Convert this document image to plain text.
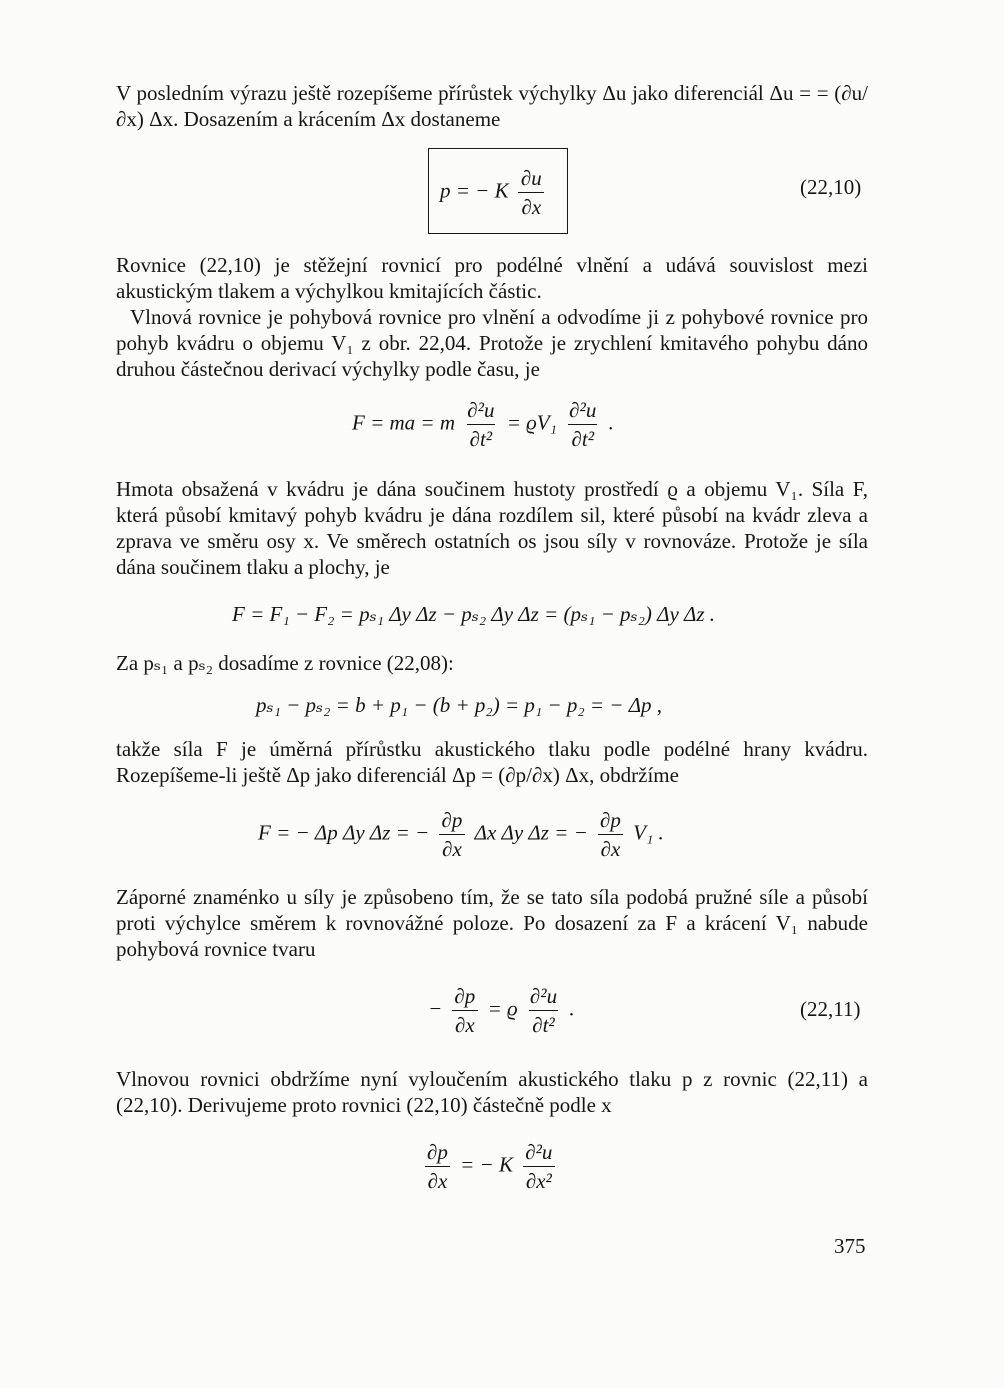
V posledním výrazu ještě rozepíšeme přírůstek výchylky Δu jako diferenciál Δu = = (∂u/∂x) Δx. Dosazením a krácením Δx dostaneme

p = − K $\frac{\partial u}{\partial x}$	(22,10)

Rovnice (22,10) je stěžejní rovnicí pro podélné vlnění a udává souvislost mezi akustickým tlakem a výchylkou kmitajících částic.

Vlnová rovnice je pohybová rovnice pro vlnění a odvodíme ji z pohybové rovnice pro pohyb kvádru o objemu V₁ z obr. 22,04. Protože je zrychlení kmitavého pohybu dáno druhou částečnou derivací výchylky podle času, je

F = ma = m $\frac{\text{∂²u}}{\text{∂t²}} = ϱV_1 \frac{\text{∂²u}}{\text{∂t²}}$ .

Hmota obsažená v kvádru je dána součinem hustoty prostředí ϱ a objemu V₁. Síla F, která působí kmitavý pohyb kvádru je dána rozdílem sil, které působí na kvádr zleva a zprava ve směru osy x. Ve směrech ostatních os jsou síly v rovnováze. Protože je síla dána součinem tlaku a plochy, je

F = F₁ − F₂ = pₛ₁ Δy Δz − pₛ₂ Δy Δz = (pₛ₁ − pₛ₂) Δy Δz .

Za pₛ₁ a pₛ₂ dosadíme z rovnice (22,08):

pₛ₁ − pₛ₂ = b + p₁ − (b + p₂) = p₁ − p₂ = − Δp ,

takže síla F je úměrná přírůstku akustického tlaku podle podélné hrany kvádru. Rozepíšeme-li ještě Δp jako diferenciál Δp = (∂p/∂x) Δx, obdržíme

F = − Δp Δy Δz = − $\frac{\partial p}{\partial x}$ Δx Δy Δz = − $\frac{\partial p}{\partial x} V_1$ .

Záporné znaménko u síly je způsobeno tím, že se tato síla podobá pružné síle a působí proti výchylce směrem k rovnovážné poloze. Po dosazení za F a krácení V₁ nabude pohybová rovnice tvaru

− $\frac{\partial p}{\partial x} = ϱ \frac{\text{∂²u}}{\text{∂t²}}$ .	(22,11)

Vlnovou rovnici obdržíme nyní vyloučením akustického tlaku p z rovnic (22,11) a (22,10). Derivujeme proto rovnici (22,10) částečně podle x

$\frac{\partial p}{\partial x}$ = − K $\frac{\text{∂²u}}{\text{∂x²}}$
375
